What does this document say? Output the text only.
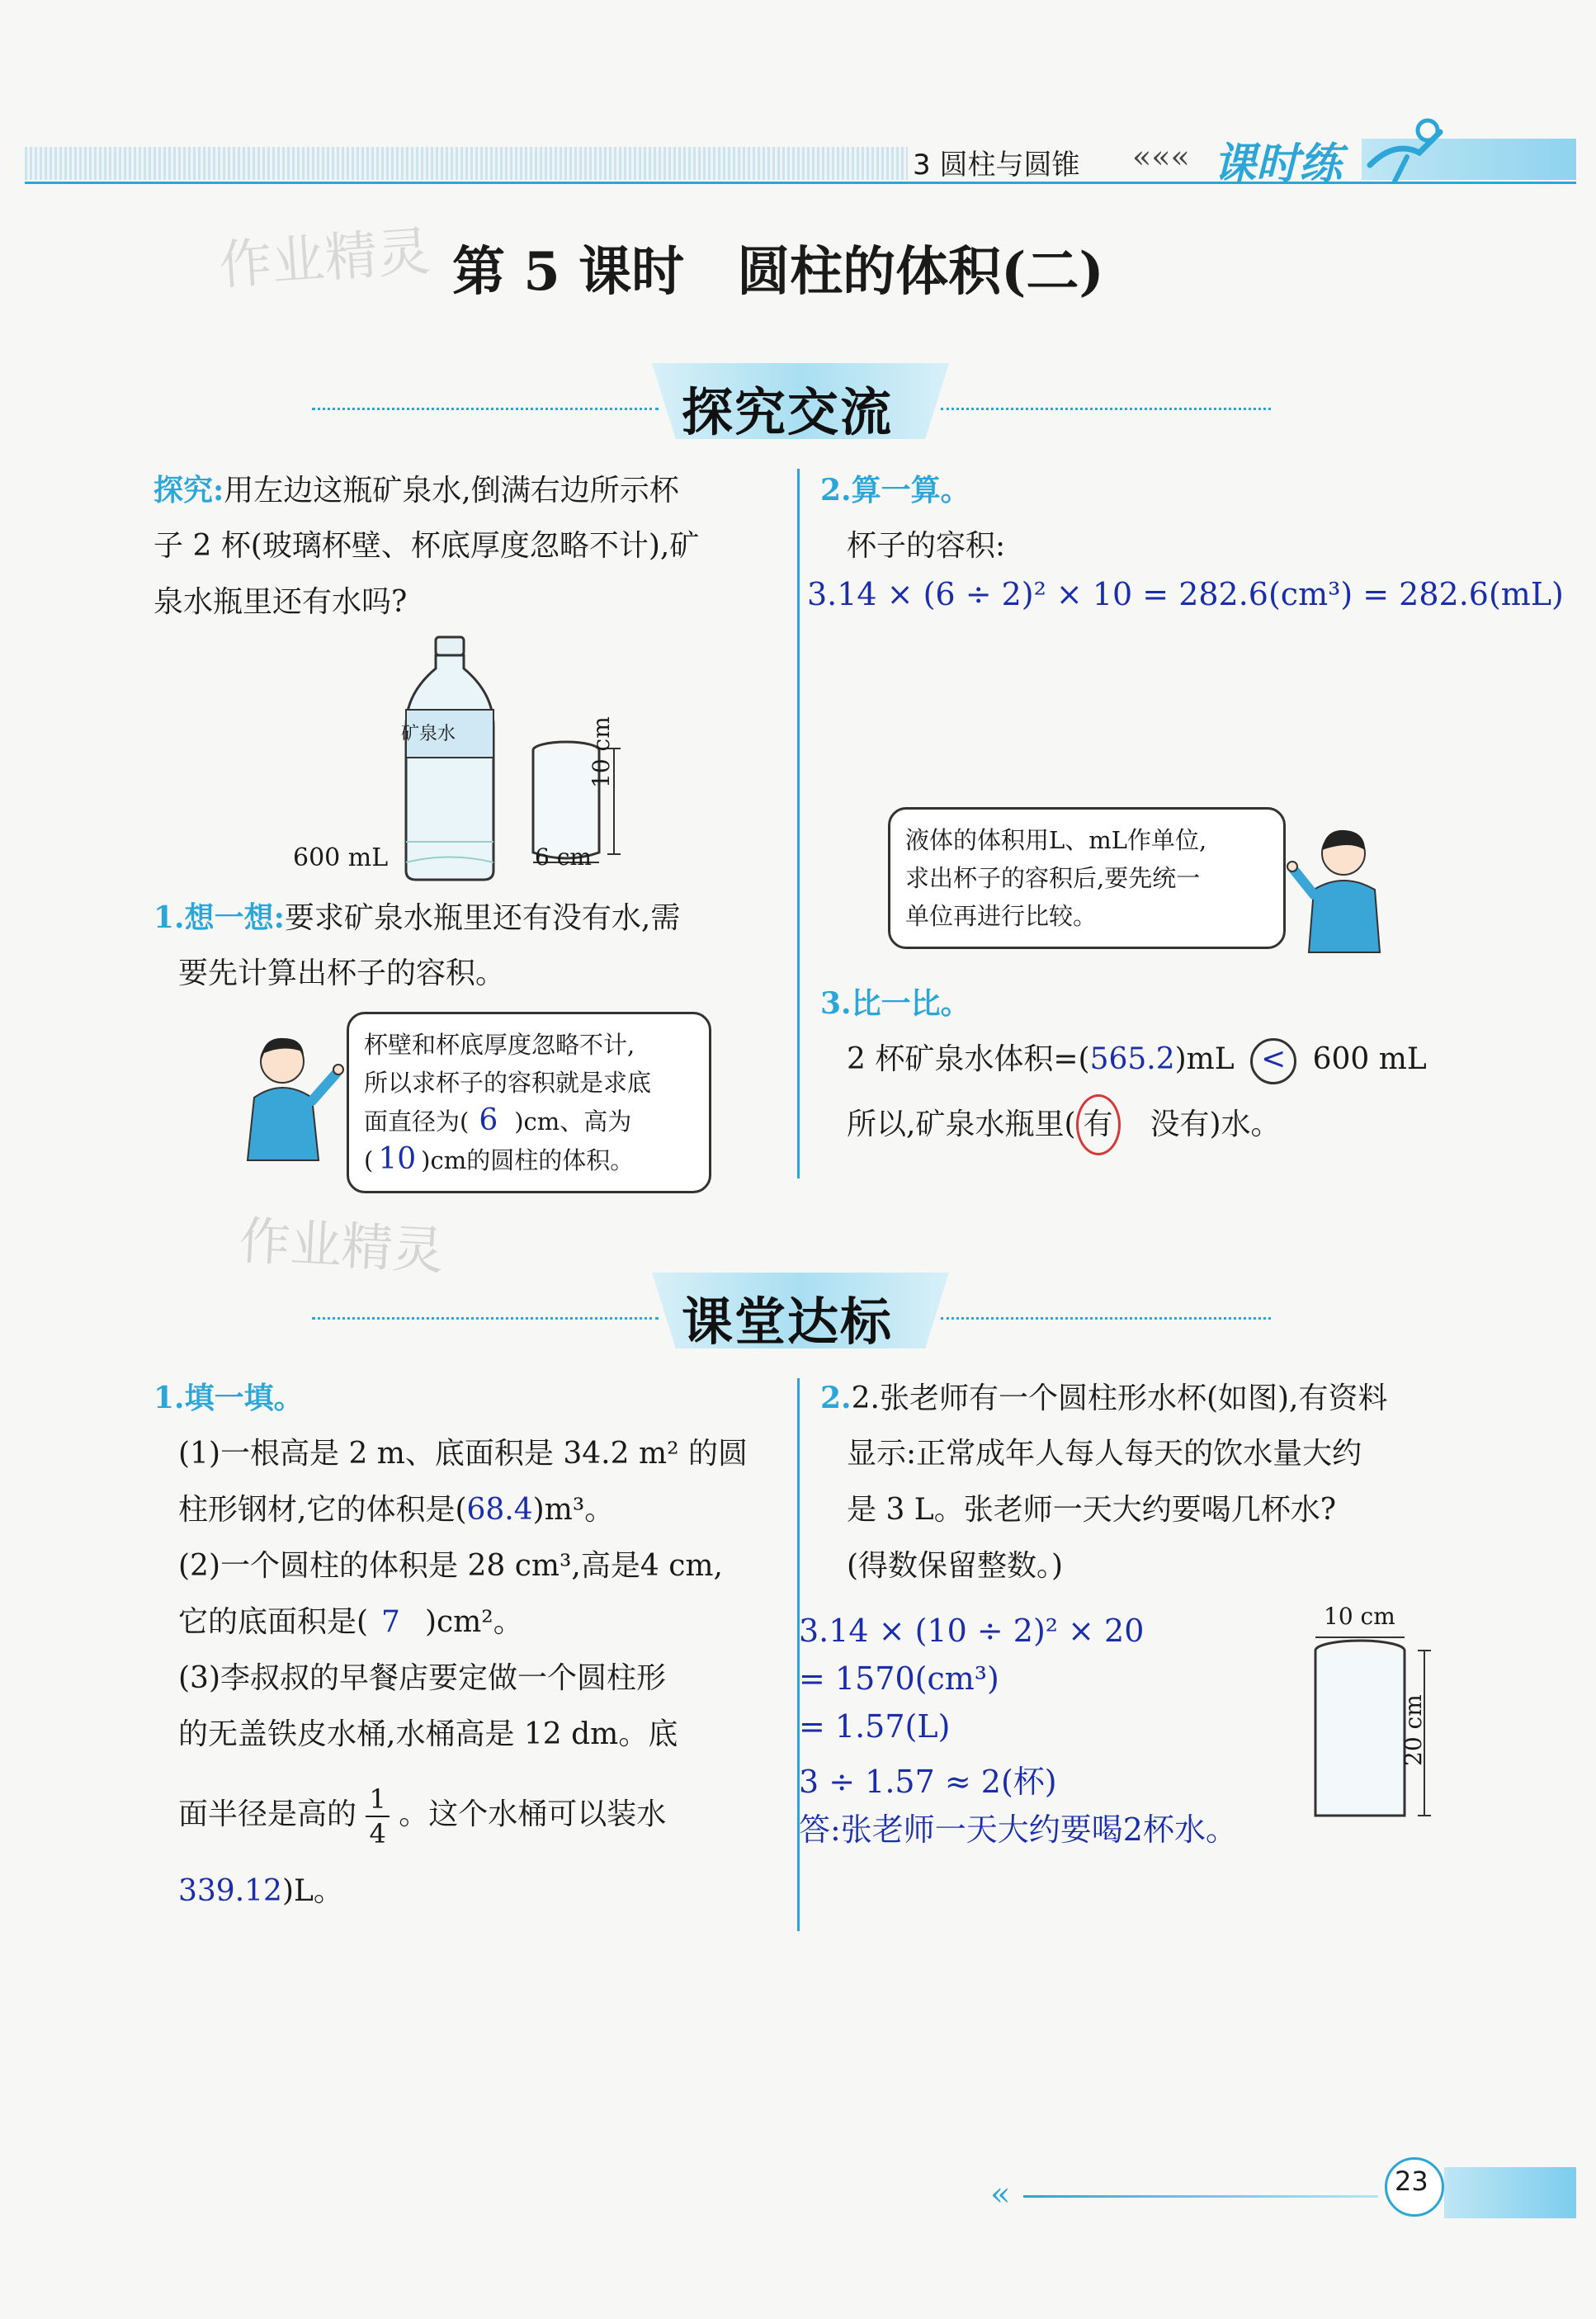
3 圆柱与圆锥 ««« 课时练
作业精灵 第 5 课时　圆柱的体积(二)
探究交流
探究:用左边这瓶矿泉水,倒满右边所示杯
子 2 杯(玻璃杯壁、杯底厚度忽略不计),矿
泉水瓶里还有水吗?
矿泉水
600 mL
10 cm
6 cm
1.想一想:要求矿泉水瓶里还有没有水,需
要先计算出杯子的容积。
杯壁和杯底厚度忽略不计,
所以求杯子的容积就是求底
面直径为( 6 )cm、高为
( 10 )cm的圆柱的体积。
2.算一算。
杯子的容积:
3.14 × (6 ÷ 2)² × 10 = 282.6(cm³) = 282.6(mL)
液体的体积用L、mL作单位,
求出杯子的容积后,要先统一
单位再进行比较。
3.比一比。
2 杯矿泉水体积=(565.2)mL < 600 mL
所以,矿泉水瓶里( 有　没有)水。
作业精灵
课堂达标
1.填一填。
(1)一根高是 2 m、底面积是 34.2 m² 的圆
柱形钢材,它的体积是(68.4)m³。
(2)一个圆柱的体积是 28 cm³,高是4 cm,
它的底面积是( 7 )cm²。
(3)李叔叔的早餐店要定做一个圆柱形
的无盖铁皮水桶,水桶高是 12 dm。底
面半径是高的 $\frac{1}{4}$ 。这个水桶可以装水
339.12)L。
2.2.张老师有一个圆柱形水杯(如图),有资料
显示:正常成年人每人每天的饮水量大约
是 3 L。张老师一天大约要喝几杯水?
(得数保留整数。)
3.14 × (10 ÷ 2)² × 20
= 1570(cm³)
= 1.57(L)
3 ÷ 1.57 ≈ 2(杯)
答:张老师一天大约要喝2杯水。
10 cm
20 cm
«	23
